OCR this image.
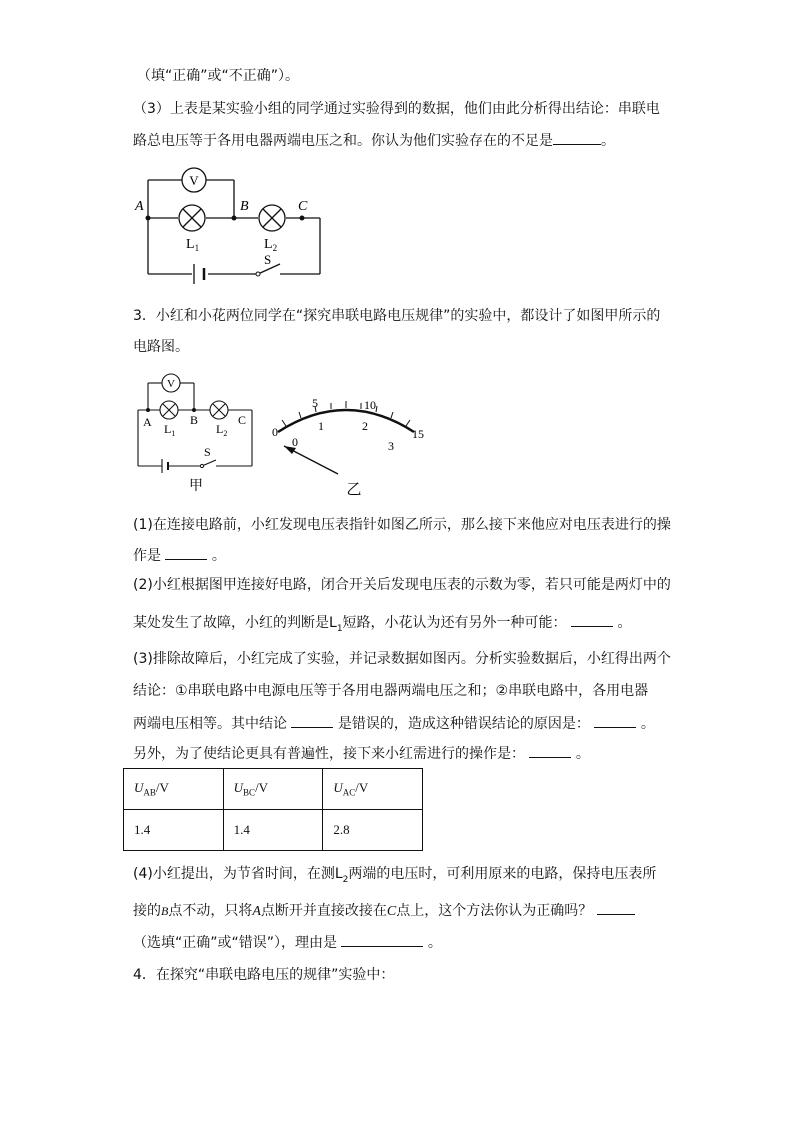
（填“正确”或“不正确”）。
（3）上表是某实验小组的同学通过实验得到的数据，他们由此分析得出结论：串联电
路总电压等于各用电器两端电压之和。你认为他们实验存在的不足是	。
V
A	B	C
$L_1$	$L_2$
S
3．小红和小花两位同学在“探究串联电路电压规律”的实验中，都设计了如图甲所示的
电路图。
V
A	B	C
$L_1$	$L_2$
S
甲
0
5	10
15
0
1	2
3
乙
(1)在连接电路前，小红发现电压表指针如图乙所示，那么接下来他应对电压表进行的操
作是	。
(2)小红根据图甲连接好电路，闭合开关后发现电压表的示数为零，若只可能是两灯中的
某处发生了故障，小红的判断是$L_1$短路，小花认为还有另外一种可能：	。
(3)排除故障后，小红完成了实验，并记录数据如图丙。分析实验数据后，小红得出两个
结论：①串联电路中电源电压等于各用电器两端电压之和；②串联电路中，各用电器
两端电压相等。其中结论	是错误的，造成这种错误结论的原因是：	。
另外，为了使结论更具有普遍性，接下来小红需进行的操作是：	。
$U_{AB}/V$	$U_{BC}/V$	$U_{AC}/V$
1.4	1.4	2.8
(4)小红提出，为节省时间，在测$L_2$两端的电压时，可利用原来的电路，保持电压表所
接的B点不动，只将A点断开并直接改接在C点上，这个方法你认为正确吗？
（选填“正确”或“错误”），理由是	。
4．在探究“串联电路电压的规律”实验中：
